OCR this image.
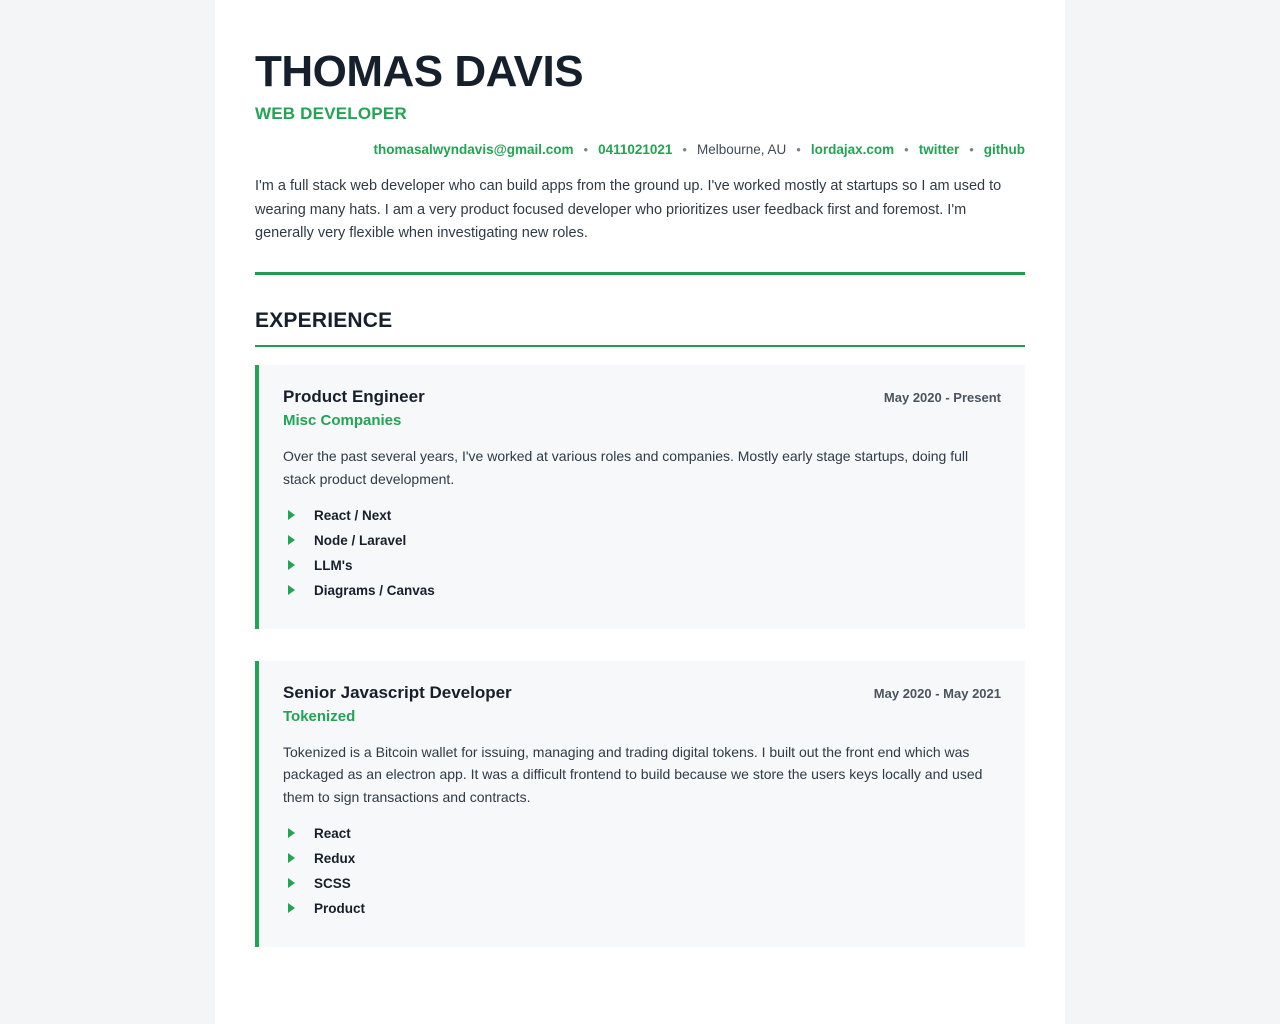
THOMAS DAVIS
WEB DEVELOPER
thomasalwyndavis@gmail.com • 0411021021 • Melbourne, AU • lordajax.com • twitter • github

I'm a full stack web developer who can build apps from the ground up. I've worked mostly at startups so I am used to wearing many hats. I am a very product focused developer who prioritizes user feedback first and foremost. I'm generally very flexible when investigating new roles.

EXPERIENCE
Product Engineer
Misc Companies
May 2020 - Present

Over the past several years, I've worked at various roles and companies. Mostly early stage startups, doing full stack product development.

React / Next
Node / Laravel
LLM's
Diagrams / Canvas
Senior Javascript Developer
Tokenized
May 2020 - May 2021

Tokenized is a Bitcoin wallet for issuing, managing and trading digital tokens. I built out the front end which was packaged as an electron app. It was a difficult frontend to build because we store the users keys locally and used them to sign transactions and contracts.

React
Redux
SCSS
Product
